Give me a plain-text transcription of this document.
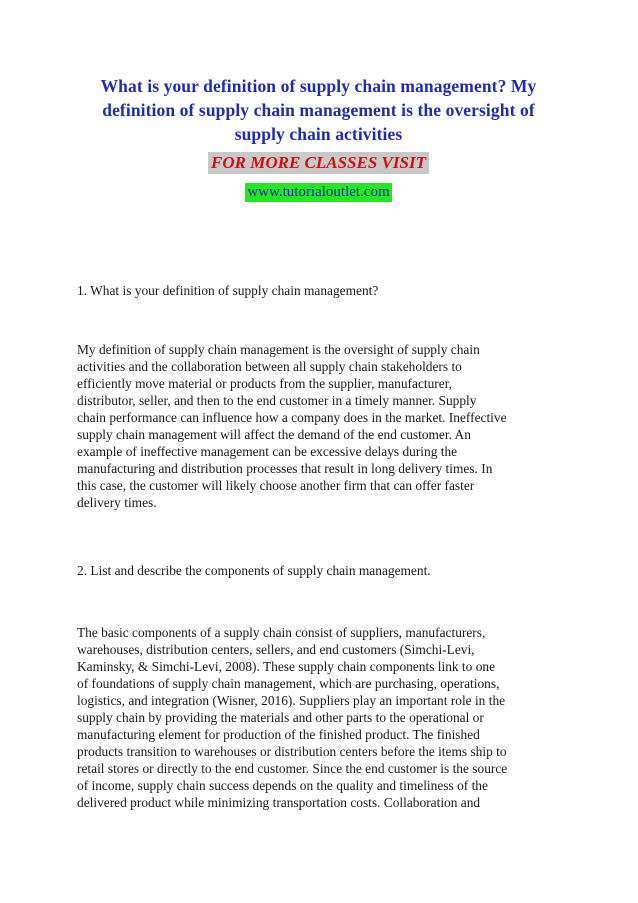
What is your definition of supply chain management? My definition of supply chain management is the oversight of supply chain activities
FOR MORE CLASSES VISIT
www.tutorialoutlet.com

1. What is your definition of supply chain management?

My definition of supply chain management is the oversight of supply chain
activities and the collaboration between all supply chain stakeholders to
efficiently move material or products from the supplier, manufacturer,
distributor, seller, and then to the end customer in a timely manner. Supply
chain performance can influence how a company does in the market. Ineffective
supply chain management will affect the demand of the end customer. An
example of ineffective management can be excessive delays during the
manufacturing and distribution processes that result in long delivery times. In
this case, the customer will likely choose another firm that can offer faster
delivery times.

2. List and describe the components of supply chain management.

The basic components of a supply chain consist of suppliers, manufacturers,
warehouses, distribution centers, sellers, and end customers (Simchi-Levi,
Kaminsky, & Simchi-Levi, 2008). These supply chain components link to one
of foundations of supply chain management, which are purchasing, operations,
logistics, and integration (Wisner, 2016). Suppliers play an important role in the
supply chain by providing the materials and other parts to the operational or
manufacturing element for production of the finished product. The finished
products transition to warehouses or distribution centers before the items ship to
retail stores or directly to the end customer. Since the end customer is the source
of income, supply chain success depends on the quality and timeliness of the
delivered product while minimizing transportation costs. Collaboration and
